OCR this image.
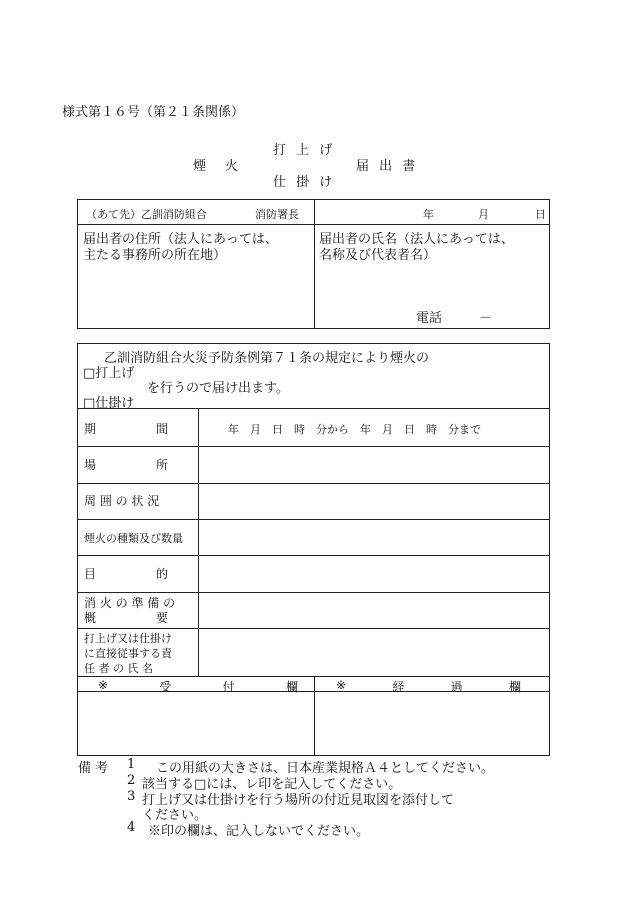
様式第１６号（第２１条関係）
打 上 げ
煙　火	届 出 書
仕 掛 け
（あて先）乙訓消防組合	消防署長	年	月	日
届出者の住所（法人にあっては、
主たる事務所の所在地）
届出者の氏名（法人にあっては、
名称及び代表者名）
電話	－
乙訓消防組合火災予防条例第７１条の規定により煙火の
□打上げ
を行うので届け出ます。
□仕掛け
期　　　　　間	年　月　日　時　分から　年　月　日　時　分まで
場　　　　　所
周 囲 の 状 況
煙火の種類及び数量
目　　　　　的
消 火 の 準 備 の
概　　　　　要
打上げ又は仕掛け
に直接従事する責
任 者 の 氏 名
※	受	付	欄	※	経	過	欄
備考 1 この用紙の大きさは、日本産業規格Ａ４としてください。
2 該当する□には、レ印を記入してください。
3 打上げ又は仕掛けを行う場所の付近見取図を添付して
ください。
4 ※印の欄は、記入しないでください。
